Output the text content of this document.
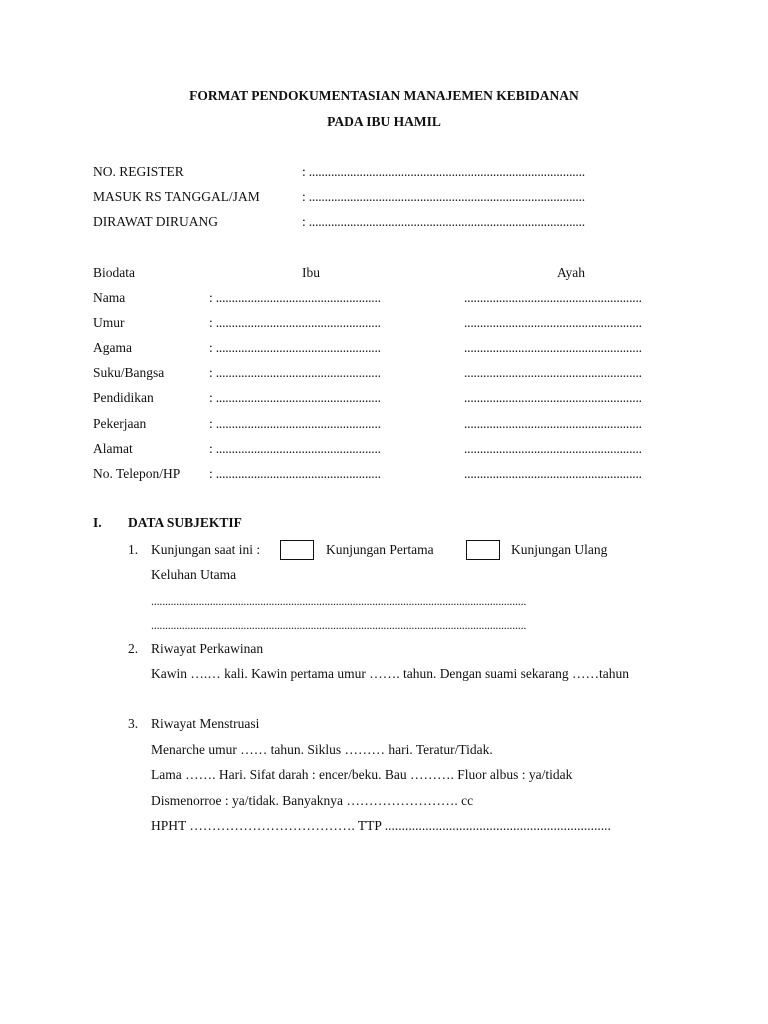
FORMAT PENDOKUMENTASIAN MANAJEMEN KEBIDANAN
PADA IBU HAMIL
NO. REGISTER	: .......................................................................................
MASUK RS TANGGAL/JAM	: .......................................................................................
DIRAWAT DIRUANG	: .......................................................................................
Biodata	Ibu	Ayah
Nama	: ....................................................	........................................................
Umur	: ....................................................	........................................................
Agama	: ....................................................	........................................................
Suku/Bangsa	: ....................................................	........................................................
Pendidikan	: ....................................................	........................................................
Pekerjaan	: ....................................................	........................................................
Alamat	: ....................................................	........................................................
No. Telepon/HP : ....................................................	........................................................
I. DATA SUBJEKTIF
1. Kunjungan saat ini :	Kunjungan Pertama	Kunjungan Ulang
Keluhan Utama
......................................................................................................................................
......................................................................................................................................
2. Riwayat Perkawinan
Kawin ….… kali. Kawin pertama umur ……. tahun. Dengan suami sekarang ……tahun
3. Riwayat Menstruasi
Menarche umur …… tahun. Siklus ……… hari. Teratur/Tidak.
Lama ……. Hari. Sifat darah : encer/beku. Bau ………. Fluor albus : ya/tidak
Dismenorroe : ya/tidak. Banyaknya ……………………. cc
HPHT ………………………………. TTP ...................................................................
